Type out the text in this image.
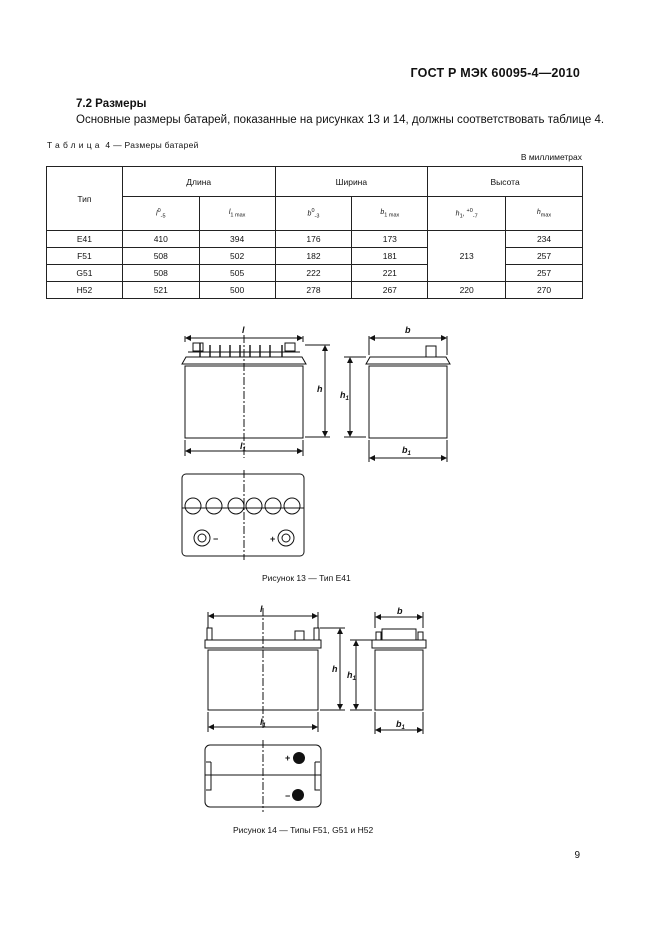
ГОСТ Р МЭК 60095-4—2010
7.2 Размеры
Основные размеры батарей, показанные на рисунках 13 и 14, должны соответствовать таблице 4.
Таблица 4 — Размеры батарей
В миллиметрах
Тип	Длина		Ширина		Высота	
	$l^0_{-5}$	$l_{1 max}$	$b^0_{-3}$	$b_{1 max}$	$h_1$, $^{+0}_{-7}$	$h_{max}$
E41	410	394	176	173	213	234
F51	508	502	182	181		257
G51	508	505	222	221		257
H52	521	500	278	267	220	270
l
$l_1$
h
$h_1$
b
$b_1$
−	+
l
$l_1$
h
$h_1$
b
$b_1$
+
−
Рисунок 13 — Тип E41
Рисунок 14 — Типы F51, G51 и H52
9
